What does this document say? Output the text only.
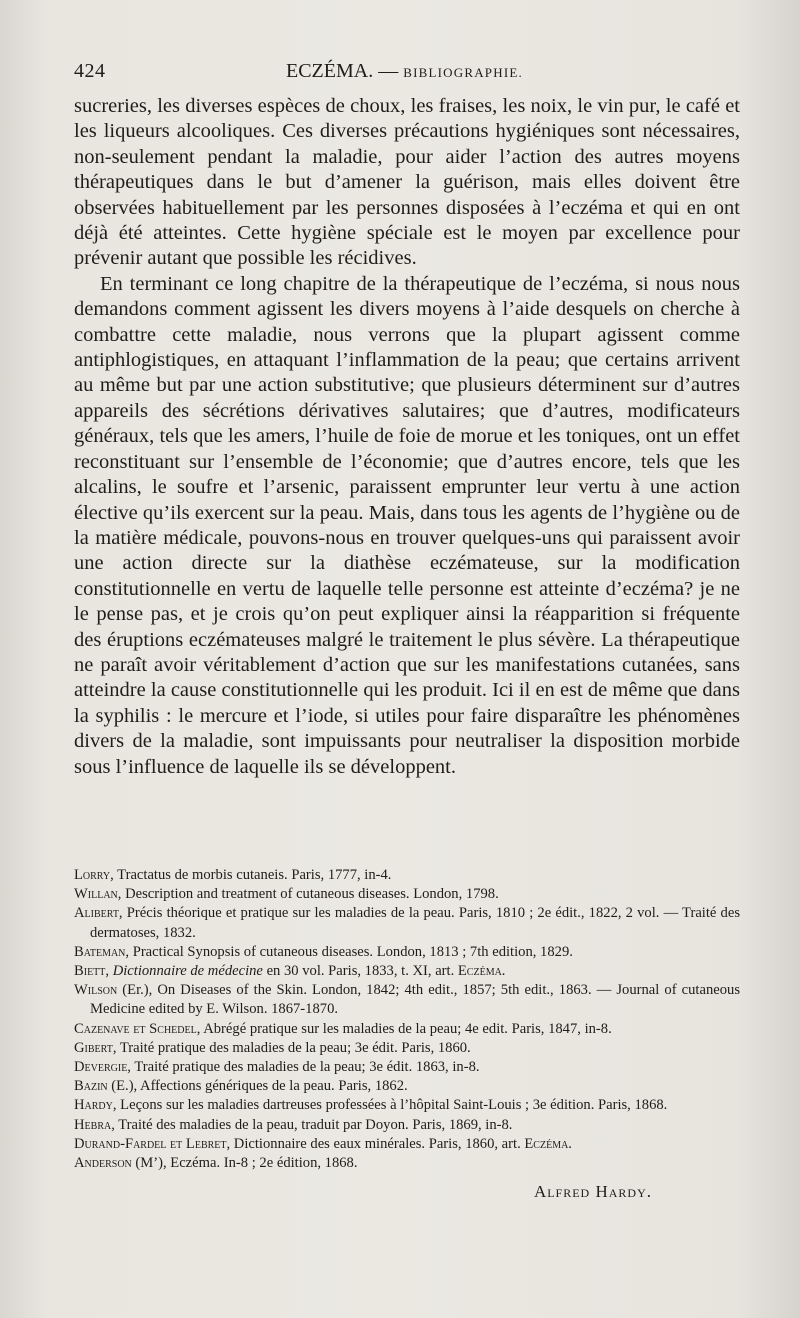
424	ECZÉMA. — BIBLIOGRAPHIE.

sucreries, les diverses espèces de choux, les fraises, les noix, le vin pur, le café et les liqueurs alcooliques. Ces diverses précautions hygiéniques sont nécessaires, non-seulement pendant la maladie, pour aider l’action des autres moyens thérapeutiques dans le but d’amener la guérison, mais elles doivent être observées habituellement par les personnes disposées à l’eczéma et qui en ont déjà été atteintes. Cette hygiène spéciale est le moyen par excellence pour prévenir autant que possible les récidives.

En terminant ce long chapitre de la thérapeutique de l’eczéma, si nous nous demandons comment agissent les divers moyens à l’aide desquels on cherche à combattre cette maladie, nous verrons que la plupart agissent comme antiphlogistiques, en attaquant l’inflammation de la peau; que certains arrivent au même but par une action substitutive; que plusieurs déterminent sur d’autres appareils des sécrétions dérivatives salutaires; que d’autres, modificateurs généraux, tels que les amers, l’huile de foie de morue et les toniques, ont un effet reconstituant sur l’ensemble de l’économie; que d’autres encore, tels que les alcalins, le soufre et l’arsenic, paraissent emprunter leur vertu à une action élective qu’ils exercent sur la peau. Mais, dans tous les agents de l’hygiène ou de la matière médicale, pouvons-nous en trouver quelques-uns qui paraissent avoir une action directe sur la diathèse eczémateuse, sur la modification constitutionnelle en vertu de laquelle telle personne est atteinte d’eczéma? je ne le pense pas, et je crois qu’on peut expliquer ainsi la réapparition si fréquente des éruptions eczémateuses malgré le traitement le plus sévère. La thérapeutique ne paraît avoir véritablement d’action que sur les manifestations cutanées, sans atteindre la cause constitutionnelle qui les produit. Ici il en est de même que dans la syphilis : le mercure et l’iode, si utiles pour faire disparaître les phénomènes divers de la maladie, sont impuissants pour neutraliser la disposition morbide sous l’influence de laquelle ils se développent.

Lorry, Tractatus de morbis cutaneis. Paris, 1777, in-4.
Willan, Description and treatment of cutaneous diseases. London, 1798.
Alibert, Précis théorique et pratique sur les maladies de la peau. Paris, 1810 ; 2e édit., 1822, 2 vol. — Traité des dermatoses, 1832.
Bateman, Practical Synopsis of cutaneous diseases. London, 1813 ; 7th edition, 1829.
Biett, Dictionnaire de médecine en 30 vol. Paris, 1833, t. XI, art. Eczéma.
Wilson (Er.), On Diseases of the Skin. London, 1842; 4th edit., 1857; 5th edit., 1863. — Journal of cutaneous Medicine edited by E. Wilson. 1867-1870.
Cazenave et Schedel, Abrégé pratique sur les maladies de la peau; 4e edit. Paris, 1847, in-8.
Gibert, Traité pratique des maladies de la peau; 3e édit. Paris, 1860.
Devergie, Traité pratique des maladies de la peau; 3e édit. 1863, in-8.
Bazin (E.), Affections génériques de la peau. Paris, 1862.
Hardy, Leçons sur les maladies dartreuses professées à l’hôpital Saint-Louis ; 3e édition. Paris, 1868.
Hebra, Traité des maladies de la peau, traduit par Doyon. Paris, 1869, in-8.
Durand-Fardel et Lebret, Dictionnaire des eaux minérales. Paris, 1860, art. Eczéma.
Anderson (M’), Eczéma. In-8 ; 2e édition, 1868.
Alfred Hardy.
